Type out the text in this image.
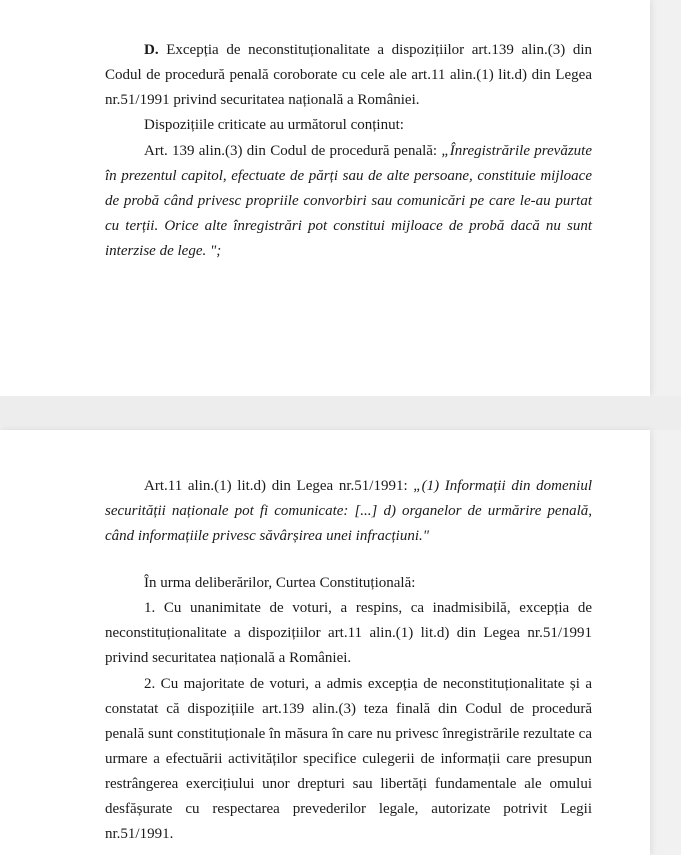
D. Excepția de neconstituționalitate a dispozițiilor art.139 alin.(3) din Codul de procedură penală coroborate cu cele ale art.11 alin.(1) lit.d) din Legea nr.51/1991 privind securitatea națională a României.

Dispozițiile criticate au următorul conținut:

Art. 139 alin.(3) din Codul de procedură penală: „Înregistrările prevăzute în prezentul capitol, efectuate de părți sau de alte persoane, constituie mijloace de probă când privesc propriile convorbiri sau comunicări pe care le-au purtat cu terții. Orice alte înregistrări pot constitui mijloace de probă dacă nu sunt interzise de lege. ";

Art.11 alin.(1) lit.d) din Legea nr.51/1991: „(1) Informații din domeniul securității naționale pot fi comunicate: [...] d) organelor de urmărire penală, când informațiile privesc săvârșirea unei infracțiuni."

În urma deliberărilor, Curtea Constituțională:

1. Cu unanimitate de voturi, a respins, ca inadmisibilă, excepția de neconstituționalitate a dispozițiilor art.11 alin.(1) lit.d) din Legea nr.51/1991 privind securitatea națională a României.

2. Cu majoritate de voturi, a admis excepția de neconstituționalitate și a constatat că dispozițiile art.139 alin.(3) teza finală din Codul de procedură penală sunt constituționale în măsura în care nu privesc înregistrările rezultate ca urmare a efectuării activităților specifice culegerii de informații care presupun restrângerea exercițiului unor drepturi sau libertăți fundamentale ale omului desfășurate cu respectarea prevederilor legale, autorizate potrivit Legii nr.51/1991.
